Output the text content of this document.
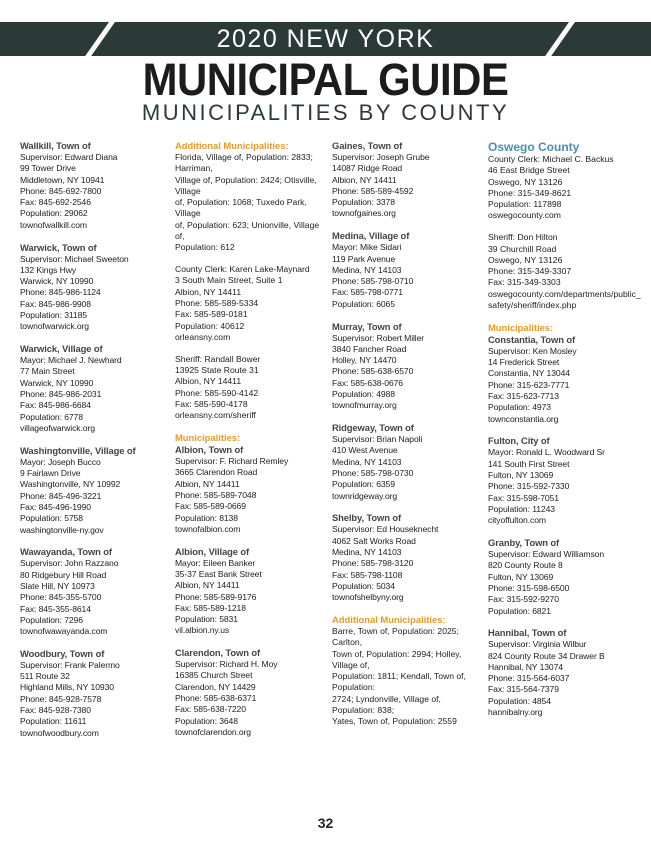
2020 NEW YORK
MUNICIPAL GUIDE
MUNICIPALITIES BY COUNTY
Wallkill, Town of
Supervisor: Edward Diana
99 Tower Drive
Middletown, NY 10941
Phone: 845-692-7800
Fax: 845-692-2546
Population: 29062
townofwallkill.com
Warwick, Town of
Supervisor: Michael Sweeton
132 Kings Hwy
Warwick, NY 10990
Phone: 845-986-1124
Fax: 845-986-9908
Population: 31185
townofwarwick.org
Warwick, Village of
Mayor: Michael J. Newhard
77 Main Street
Warwick, NY 10990
Phone: 845-986-2031
Fax: 845-986-6684
Population: 6778
villageofwarwick.org
Washingtonville, Village of
Mayor: Joseph Bucco
9 Fairlawn Drive
Washingtonville, NY 10992
Phone: 845-496-3221
Fax: 845-496-1990
Population: 5758
washingtonville-ny.gov
Wawayanda, Town of
Supervisor: John Razzano
80 Ridgebury Hill Road
Slate Hill, NY 10973
Phone: 845-355-5700
Fax: 845-355-8614
Population: 7296
townofwawayanda.com
Woodbury, Town of
Supervisor: Frank Palermo
511 Route 32
Highland Mills, NY 10930
Phone: 845-928-7578
Fax: 845-928-7380
Population: 11611
townofwoodbury.com
Additional Municipalities:
Florida, Village of, Population: 2833; Harriman,
Village of, Population: 2424; Otisville, Village
of, Population: 1068; Tuxedo Park, Village
of, Population: 623; Unionville, Village of,
Population: 612
County Clerk: Karen Lake-Maynard
3 South Main Street, Suite 1
Albion, NY 14411
Phone: 585-589-5334
Fax: 585-589-0181
Population: 40612
orleansny.com
Sheriff: Randall Bower
13925 State Route 31
Albion, NY 14411
Phone: 585-590-4142
Fax: 585-590-4178
orleansny.com/sheriff
Municipalities:
Albion, Town of
Supervisor: F. Richard Remley
3665 Clarendon Road
Albion, NY 14411
Phone: 585-589-7048
Fax: 585-589-0669
Population: 8138
townofalbion.com
Albion, Village of
Mayor: Eileen Banker
35-37 East Bank Street
Albion, NY 14411
Phone: 585-589-9176
Fax: 585-589-1218
Population: 5831
vil.albion.ny.us
Clarendon, Town of
Supervisor: Richard H. Moy
16385 Church Street
Clarendon, NY 14429
Phone: 585-638-6371
Fax: 585-638-7220
Population: 3648
townofclarendon.org
Gaines, Town of
Supervisor: Joseph Grube
14087 Ridge Road
Albion, NY 14411
Phone: 585-589-4592
Population: 3378
townofgaines.org
Medina, Village of
Mayor: Mike Sidari
119 Park Avenue
Medina, NY 14103
Phone: 585-798-0710
Fax: 585-798-0771
Population: 6065
Murray, Town of
Supervisor: Robert Miller
3840 Fancher Road
Holley, NY 14470
Phone: 585-638-6570
Fax: 585-638-0676
Population: 4988
townofmurray.org
Ridgeway, Town of
Supervisor: Brian Napoli
410 West Avenue
Medina, NY 14103
Phone: 585-798-0730
Population: 6359
townridgeway.org
Shelby, Town of
Supervisor: Ed Houseknecht
4062 Salt Works Road
Medina, NY 14103
Phone: 585-798-3120
Fax: 585-798-1108
Population: 5034
townofshelbyny.org
Additional Municipalities:
Barre, Town of, Population: 2025; Carlton,
Town of, Population: 2994; Holley, Village of,
Population: 1811; Kendall, Town of, Population:
2724; Lyndonville, Village of, Population: 838;
Yates, Town of, Population: 2559
Oswego County
County Clerk: Michael C. Backus
46 East Bridge Street
Oswego, NY 13126
Phone: 315-349-8621
Population: 117898
oswegocounty.com
Sheriff: Don Hilton
39 Churchill Road
Oswego, NY 13126
Phone: 315-349-3307
Fax: 315-349-3303
oswegocounty.com/departments/public_
safety/sheriff/index.php
Municipalities:
Constantia, Town of
Supervisor: Ken Mosley
14 Frederick Street
Constantia, NY 13044
Phone: 315-623-7771
Fax: 315-623-7713
Population: 4973
townconstantia.org
Fulton, City of
Mayor: Ronald L. Woodward Sr
141 South First Street
Fulton, NY 13069
Phone: 315-592-7330
Fax: 315-598-7051
Population: 11243
cityoffulton.com
Granby, Town of
Supervisor: Edward Williamson
820 County Route 8
Fulton, NY 13069
Phone: 315-598-6500
Fax: 315-592-9270
Population: 6821
Hannibal, Town of
Supervisor: Virginia Wilbur
824 County Route 34 Drawer B
Hannibal, NY 13074
Phone: 315-564-6037
Fax: 315-564-7379
Population: 4854
hannibalny.org
32
